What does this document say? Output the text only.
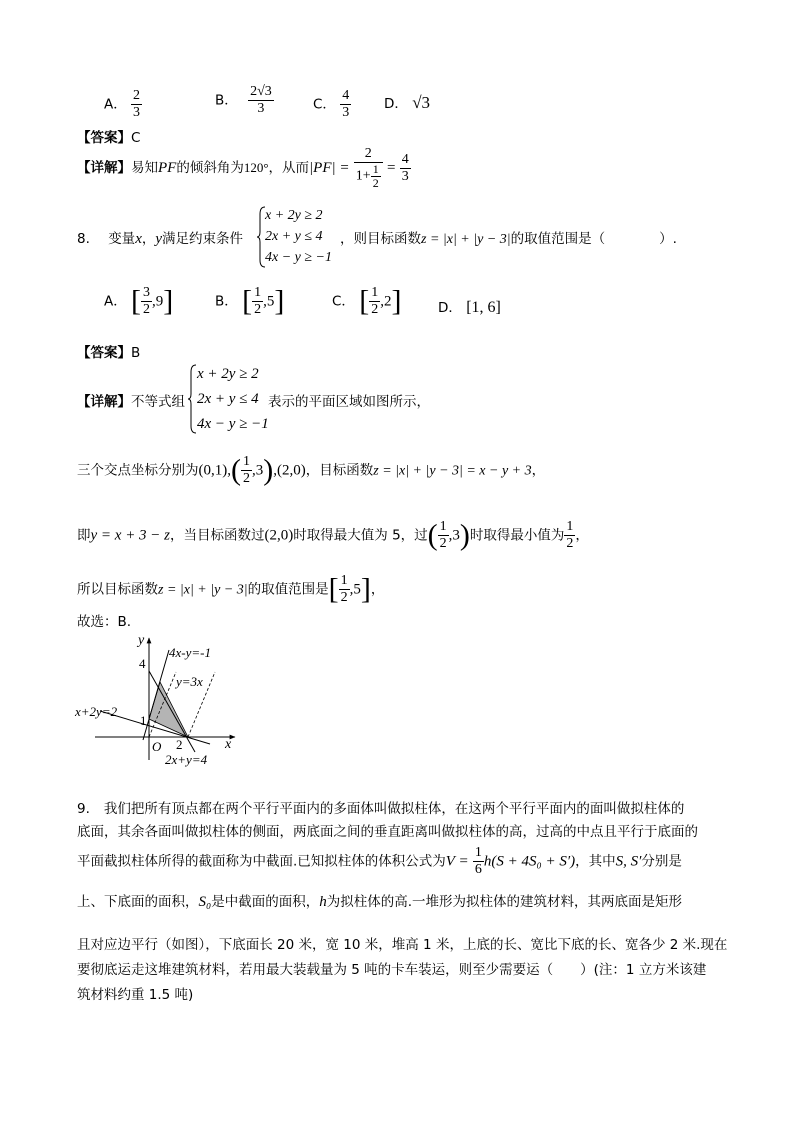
A． $\frac{2}{3}$	B． $\frac{2√3}{3}$	C． $\frac{4}{3}$ D． √3
【答案】C
【详解】易知PF的倾斜角为120°，从而$|PF| = \frac{2}{1+ \frac{1}{2}} = \frac{4}{3}$
8. 变量x，y满足约束条件
x + 2y ≥ 2
2x + y ≤ 4
4x − y ≥ −1
，则目标函数z = |x| + |y − 3|的取值范围是（　　　　）.
A． [ $\frac{3}{2} ,9$]	B． [ $\frac{1}{2} ,5$]	C． [ $\frac{1}{2} ,2$]	D． [1, 6]
【答案】B
【详解】不等式组
x + 2y ≥ 2
2x + y ≤ 4
4x − y ≥ −1
表示的平面区域如图所示，
三个交点坐标分别为$(0,1),( \frac{1}{2} ,3),(2,0)$，目标函数z = |x| + |y − 3| = x − y + 3，
即y = x + 3 − z，当目标函数过(2,0)时取得最大值为 5，过( $\frac{1}{2} ,3$)时取得最小值为 $\frac{1}{2}$ ，
所以目标函数z = |x| + |y − 3|的取值范围是[ $\frac{1}{2} ,5$]，
故选：B.
y
x
O
4
1
2
4x-y=-1
y=3x
x+2y=2
2x+y=4
9. 我们把所有顶点都在两个平行平面内的多面体叫做拟柱体，在这两个平行平面内的面叫做拟柱体的
底面，其余各面叫做拟柱体的侧面，两底面之间的垂直距离叫做拟柱体的高，过高的中点且平行于底面的
平面截拟柱体所得的截面称为中截面.已知拟柱体的体积公式为$V = \frac{1}{6} h(S + 4S_0 + S')$，其中S, S′分别是
上、下底面的面积，S₀是中截面的面积，h为拟柱体的高.一堆形为拟柱体的建筑材料，其两底面是矩形
且对应边平行（如图），下底面长 20 米，宽 10 米，堆高 1 米，上底的长、宽比下底的长、宽各少 2 米.现在
要彻底运走这堆建筑材料，若用最大装载量为 5 吨的卡车装运，则至少需要运（　　）(注：1 立方米该建
筑材料约重 1.5 吨)
